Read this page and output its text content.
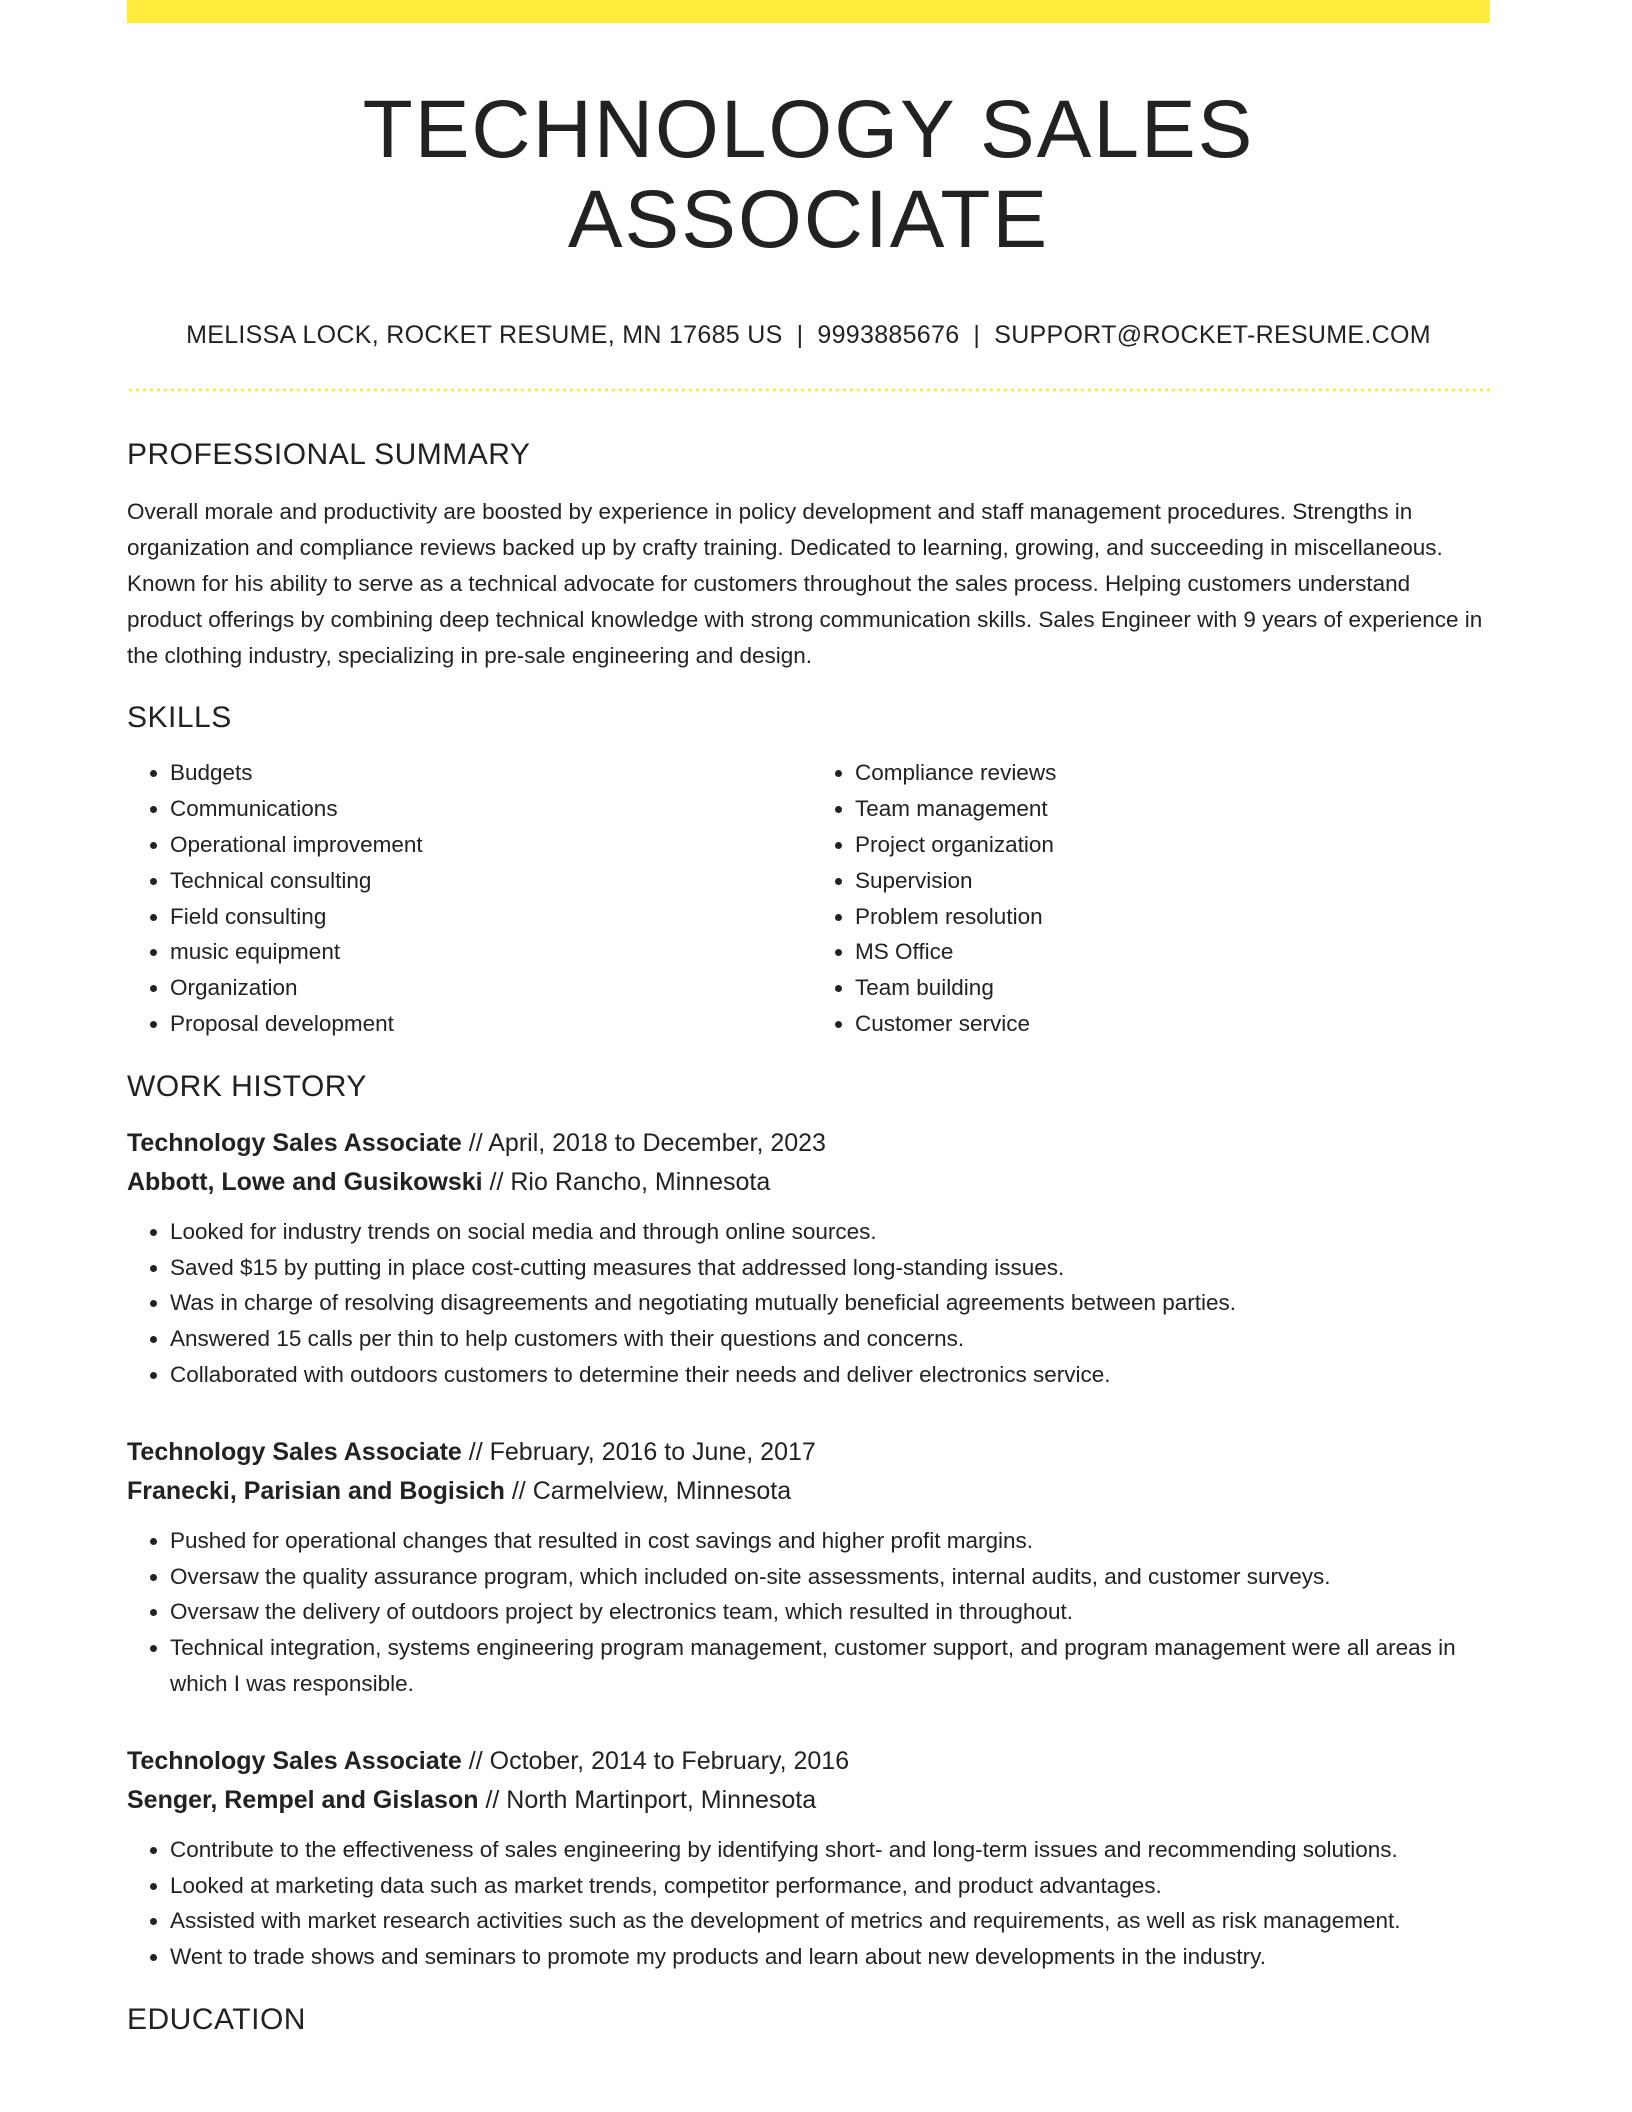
TECHNOLOGY SALES ASSOCIATE
MELISSA LOCK, ROCKET RESUME, MN 17685 US | 9993885676 | SUPPORT@ROCKET-RESUME.COM
PROFESSIONAL SUMMARY

Overall morale and productivity are boosted by experience in policy development and staff management procedures. Strengths in organization and compliance reviews backed up by crafty training. Dedicated to learning, growing, and succeeding in miscellaneous. Known for his ability to serve as a technical advocate for customers throughout the sales process. Helping customers understand product offerings by combining deep technical knowledge with strong communication skills. Sales Engineer with 9 years of experience in the clothing industry, specializing in pre-sale engineering and design.

SKILLS
• Budgets
• Communications
• Operational improvement
• Technical consulting
• Field consulting
• music equipment
• Organization
• Proposal development
• Compliance reviews
• Team management
• Project organization
• Supervision
• Problem resolution
• MS Office
• Team building
• Customer service
WORK HISTORY
Technology Sales Associate // April, 2018 to December, 2023
Abbott, Lowe and Gusikowski // Rio Rancho, Minnesota
• Looked for industry trends on social media and through online sources.
• Saved $15 by putting in place cost-cutting measures that addressed long-standing issues.
• Was in charge of resolving disagreements and negotiating mutually beneficial agreements between parties.
• Answered 15 calls per thin to help customers with their questions and concerns.
• Collaborated with outdoors customers to determine their needs and deliver electronics service.
Technology Sales Associate // February, 2016 to June, 2017
Franecki, Parisian and Bogisich // Carmelview, Minnesota
• Pushed for operational changes that resulted in cost savings and higher profit margins.
• Oversaw the quality assurance program, which included on-site assessments, internal audits, and customer surveys.
• Oversaw the delivery of outdoors project by electronics team, which resulted in throughout.
• Technical integration, systems engineering program management, customer support, and program management were all areas in which I was responsible.
Technology Sales Associate // October, 2014 to February, 2016
Senger, Rempel and Gislason // North Martinport, Minnesota
• Contribute to the effectiveness of sales engineering by identifying short- and long-term issues and recommending solutions.
• Looked at marketing data such as market trends, competitor performance, and product advantages.
• Assisted with market research activities such as the development of metrics and requirements, as well as risk management.
• Went to trade shows and seminars to promote my products and learn about new developments in the industry.
EDUCATION
